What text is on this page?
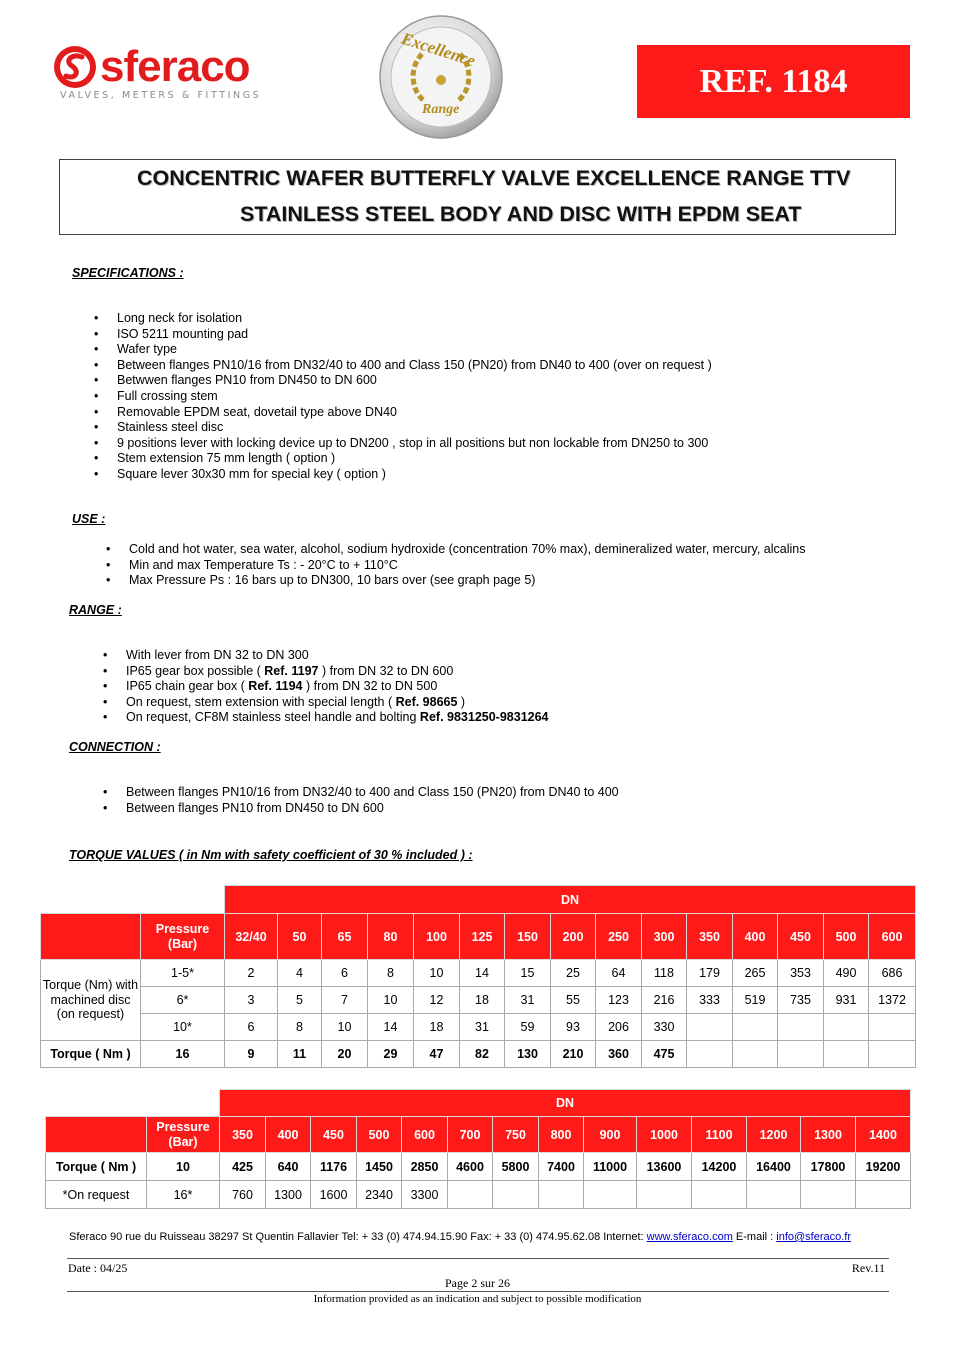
sferaco
VALVES, METERS & FITTINGS
Excellence
Range
REF. 1184
CONCENTRIC WAFER BUTTERFLY VALVE EXCELLENCE RANGE TTV
STAINLESS STEEL BODY AND DISC WITH EPDM SEAT
SPECIFICATIONS :
• Long neck for isolation
• ISO 5211 mounting pad
• Wafer type
• Between flanges PN10/16 from DN32/40 to 400 and Class 150 (PN20) from DN40 to 400 (over on request )
• Betwwen flanges PN10 from DN450 to DN 600
• Full crossing stem
• Removable EPDM seat, dovetail type above DN40
• Stainless steel disc
• 9 positions lever with locking device up to DN200 , stop in all positions but non lockable from DN250 to 300
• Stem extension 75 mm length ( option )
• Square lever 30x30 mm for special key ( option )
USE :
• Cold and hot water, sea water, alcohol, sodium hydroxide (concentration 70% max), demineralized water, mercury, alcalins
• Min and max Temperature Ts : - 20°C to + 110°C
• Max Pressure Ps : 16 bars up to DN300, 10 bars over (see graph page 5)
RANGE :
• With lever from DN 32 to DN 300
• IP65 gear box possible ( Ref. 1197 ) from DN 32 to DN 600
• IP65 chain gear box ( Ref. 1194 ) from DN 32 to DN 500
• On request, stem extension with special length ( Ref. 98665 )
• On request, CF8M stainless steel handle and bolting Ref. 9831250-9831264
CONNECTION :
• Between flanges PN10/16 from DN32/40 to 400 and Class 150 (PN20) from DN40 to 400
• Between flanges PN10 from DN450 to DN 600
TORQUE VALUES ( in Nm with safety coefficient of 30 % included ) :
		DN														
	Pressure (Bar)	32/40	50	65	80	100	125	150	200	250	300	350	400	450	500	600
Torque (Nm) with machined disc (on request)	1-5*	2	4	6	8	10	14	15	25	64	118	179	265	353	490	686
	6*	3	5	7	10	12	18	31	55	123	216	333	519	735	931	1372
	10*	6	8	10	14	18	31	59	93	206	330					
Torque ( Nm )	16	9	11	20	29	47	82	130	210	360	475					
		DN													
	Pressure (Bar)	350	400	450	500	600	700	750	800	900	1000	1100	1200	1300	1400
Torque ( Nm )	10	425	640	1176	1450	2850	4600	5800	7400	11000	13600	14200	16400	17800	19200
*On request	16*	760	1300	1600	2340	3300									
Sferaco 90 rue du Ruisseau 38297 St Quentin Fallavier Tel: + 33 (0) 474.94.15.90 Fax: + 33 (0) 474.95.62.08 Internet: www.sferaco.com E-mail : info@sferaco.fr
Date : 04/25	Rev.11
Page 2 sur 26
Information provided as an indication and subject to possible modification
